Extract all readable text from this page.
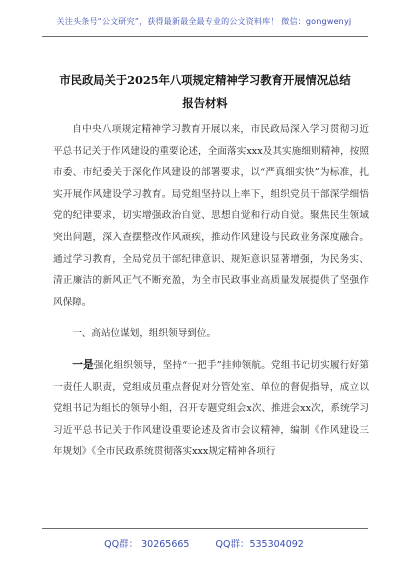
关注头条号“公文研究”，获得最新最全最专业的公文资料库！ 微信：gongwenyj
市民政局关于2025年八项规定精神学习教育开展情况总结
报告材料

自中央八项规定精神学习教育开展以来，市民政局深入学习贯彻习近平总书记关于作风建设的重要论述，全面落实xxx及其实施细则精神，按照市委、市纪委关于深化作风建设的部署要求，以“严真细实快”为标准，扎实开展作风建设学习教育。局党组坚持以上率下，组织党员干部深学细悟党的纪律要求，切实增强政治自觉、思想自觉和行动自觉。聚焦民生领域突出问题，深入查摆整改作风顽疾，推动作风建设与民政业务深度融合。通过学习教育，全局党员干部纪律意识、规矩意识显著增强，为民务实、清正廉洁的新风正气不断充盈，为全市民政事业高质量发展提供了坚强作风保障。

一、高站位谋划，组织领导到位。

一是强化组织领导，坚持“一把手”挂帅领航。党组书记切实履行好第一责任人职责，党组成员重点督促对分管处室、单位的督促指导，成立以党组书记为组长的领导小组，召开专题党组会x次、推进会xx次，系统学习习近平总书记关于作风建设重要论述及省市会议精神，编制《作风建设三年规划》《全市民政系统贯彻落实xxx规定精神各项行

QQ群： 30265665	QQ群：535304092
